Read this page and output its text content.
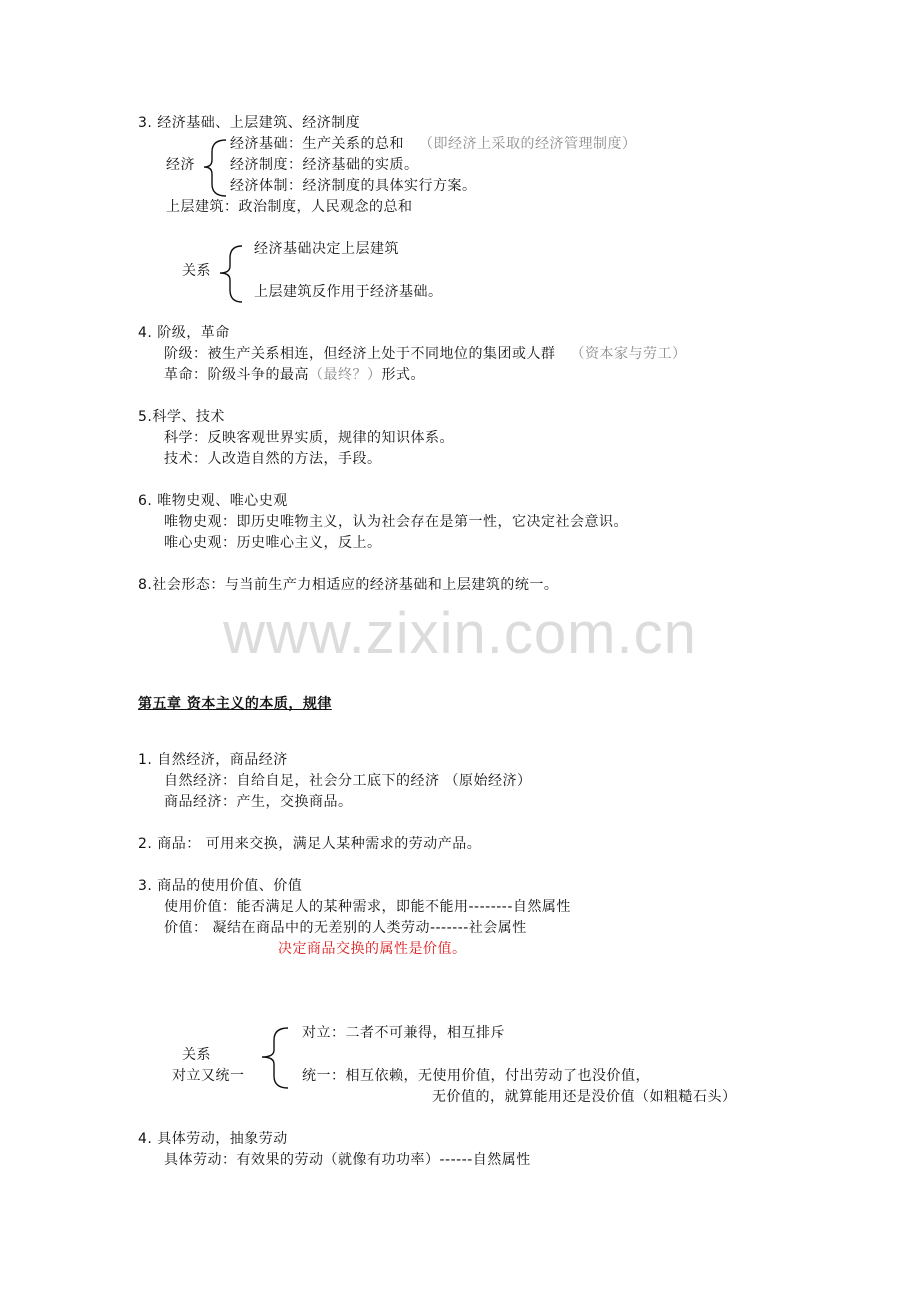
www.zixin.com.cn
3. 经济基础、上层建筑、经济制度
经济
经济基础：生产关系的总和 （即经济上采取的经济管理制度）
经济制度：经济基础的实质。
经济体制：经济制度的具体实行方案。
上层建筑：政治制度，人民观念的总和
关系
经济基础决定上层建筑
上层建筑反作用于经济基础。
4. 阶级，革命
阶级：被生产关系相连，但经济上处于不同地位的集团或人群 （资本家与劳工）
革命：阶级斗争的最高（最终？）形式。
5.科学、技术
科学：反映客观世界实质，规律的知识体系。
技术：人改造自然的方法，手段。
6. 唯物史观、唯心史观
唯物史观：即历史唯物主义，认为社会存在是第一性，它决定社会意识。
唯心史观：历史唯心主义，反上。
8.社会形态：与当前生产力相适应的经济基础和上层建筑的统一。
第五章 资本主义的本质，规律
1. 自然经济，商品经济
自然经济：自给自足，社会分工底下的经济 （原始经济）
商品经济：产生，交换商品。
2. 商品： 可用来交换，满足人某种需求的劳动产品。
3. 商品的使用价值、价值
使用价值：能否满足人的某种需求，即能不能用--------自然属性
价值： 凝结在商品中的无差别的人类劳动-------社会属性
决定商品交换的属性是价值。
关系
对立又统一
对立：二者不可兼得，相互排斥
统一：相互依赖，无使用价值，付出劳动了也没价值，
无价值的，就算能用还是没价值（如粗糙石头）
4. 具体劳动，抽象劳动
具体劳动：有效果的劳动（就像有功功率）------自然属性
